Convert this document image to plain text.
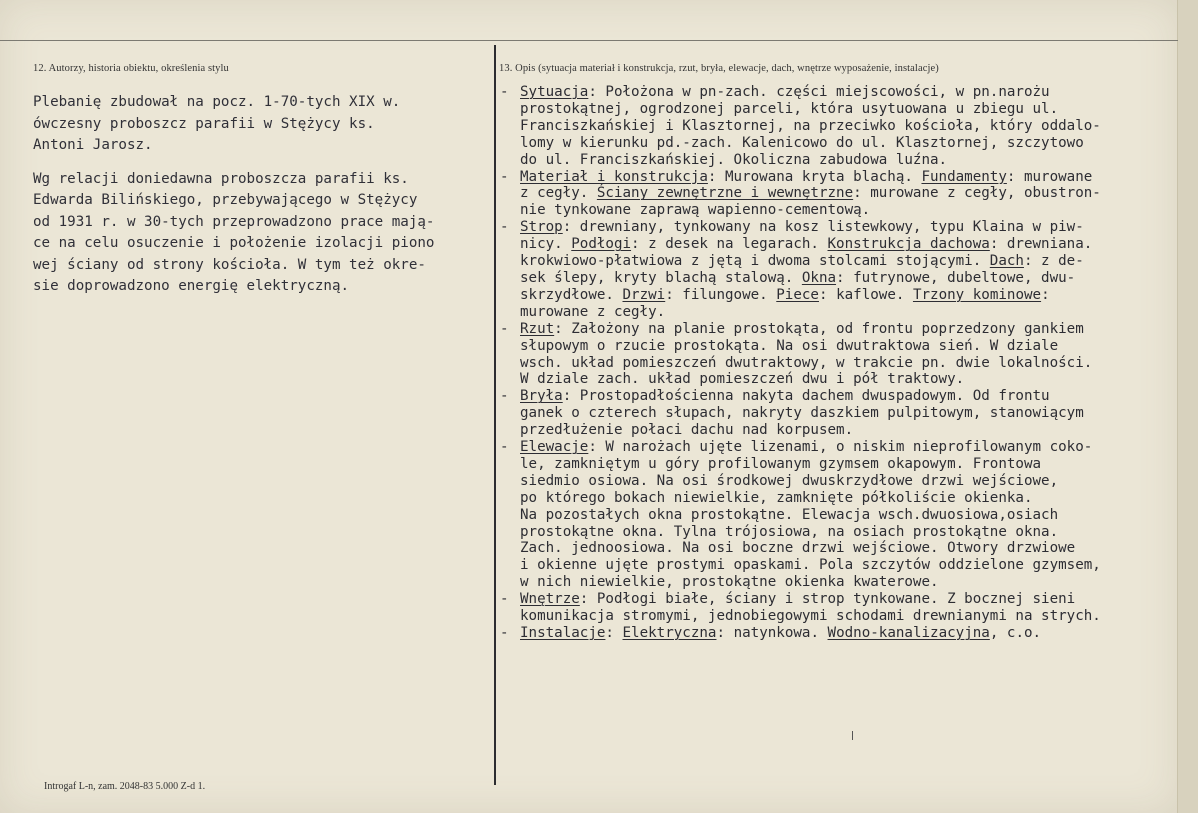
12. Autorzy, historia obiektu, określenia stylu	13. Opis (sytuacja materiał i konstrukcja, rzut, bryła, elewacje, dach, wnętrze wyposażenie, instalacje)

Plebanię zbudował na pocz. 1-70-tych XIX w.
ówczesny proboszcz parafii w Stężycy ks.
Antoni Jarosz.

Wg relacji doniedawna proboszcza parafii ks.
Edwarda Bilińskiego, przebywającego w Stężycy
od 1931 r. w 30-tych przeprowadzono prace mają-
ce na celu osuczenie i położenie izolacji piono
wej ściany od strony kościoła. W tym też okre-
sie doprowadzono energię elektryczną.

- Sytuacja: Położona w pn-zach. części miejscowości, w pn.narożu
prostokątnej, ogrodzonej parceli, która usytuowana u zbiegu ul.
Franciszkańskiej i Klasztornej, na przeciwko kościoła, który oddalo-
lomy w kierunku pd.-zach. Kalenicowo do ul. Klasztornej, szczytowo
do ul. Franciszkańskiej. Okoliczna zabudowa luźna.
- Materiał i konstrukcja: Murowana kryta blachą. Fundamenty: murowane
z cegły. Ściany zewnętrzne i wewnętrzne: murowane z cegły, obustron-
nie tynkowane zaprawą wapienno-cementową.
- Strop: drewniany, tynkowany na kosz listewkowy, typu Klaina w piw-
nicy. Podłogi: z desek na legarach. Konstrukcja dachowa: drewniana.
krokwiowo-płatwiowa z jętą i dwoma stolcami stojącymi. Dach: z de-
sek ślepy, kryty blachą stalową. Okna: futrynowe, dubeltowe, dwu-
skrzydłowe. Drzwi: filungowe. Piece: kaflowe. Trzony kominowe:
murowane z cegły.
- Rzut: Założony na planie prostokąta, od frontu poprzedzony gankiem
słupowym o rzucie prostokąta. Na osi dwutraktowa sień. W dziale
wsch. układ pomieszczeń dwutraktowy, w trakcie pn. dwie lokalności.
W dziale zach. układ pomieszczeń dwu i pół traktowy.
- Bryła: Prostopadłościenna nakyta dachem dwuspadowym. Od frontu
ganek o czterech słupach, nakryty daszkiem pulpitowym, stanowiącym
przedłużenie połaci dachu nad korpusem.
- Elewacje: W narożach ujęte lizenami, o niskim nieprofilowanym coko-
le, zamkniętym u góry profilowanym gzymsem okapowym. Frontowa
siedmio osiowa. Na osi środkowej dwuskrzydłowe drzwi wejściowe,
po którego bokach niewielkie, zamknięte półkoliście okienka.
Na pozostałych okna prostokątne. Elewacja wsch.dwuosiowa,osiach
prostokątne okna. Tylna trójosiowa, na osiach prostokątne okna.
Zach. jednoosiowa. Na osi boczne drzwi wejściowe. Otwory drzwiowe
i okienne ujęte prostymi opaskami. Pola szczytów oddzielone gzymsem,
w nich niewielkie, prostokątne okienka kwaterowe.
- Wnętrze: Podłogi białe, ściany i strop tynkowane. Z bocznej sieni
komunikacja stromymi, jednobiegowymi schodami drewnianymi na strych.
- Instalacje: Elektryczna: natynkowa. Wodno-kanalizacyjna, c.o.
Introgaf L-n, zam. 2048-83 5.000 Z-d 1.
